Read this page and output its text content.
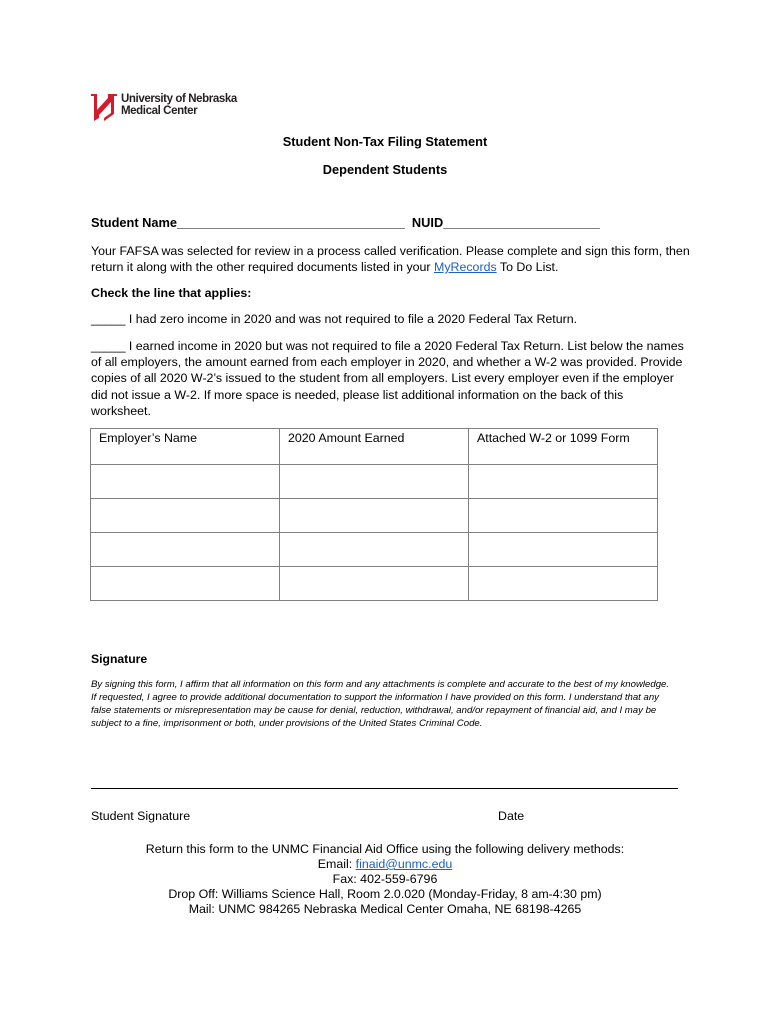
University of Nebraska
Medical Center
Student Non-Tax Filing Statement
Dependent Students
Student Name________________________________ NUID______________________
Your FAFSA was selected for review in a process called verification. Please complete and sign this form, then return it along with the other required documents listed in your MyRecords To Do List.
Check the line that applies:
_____ I had zero income in 2020 and was not required to file a 2020 Federal Tax Return.
_____ I earned income in 2020 but was not required to file a 2020 Federal Tax Return. List below the names of all employers, the amount earned from each employer in 2020, and whether a W-2 was provided. Provide copies of all 2020 W-2’s issued to the student from all employers. List every employer even if the employer did not issue a W-2. If more space is needed, please list additional information on the back of this worksheet.
Employer’s Name	2020 Amount Earned	Attached W-2 or 1099 Form

Signature
By signing this form, I affirm that all information on this form and any attachments is complete and accurate to the best of my knowledge. If requested, I agree to provide additional documentation to support the information I have provided on this form. I understand that any false statements or misrepresentation may be cause for denial, reduction, withdrawal, and/or repayment of financial aid, and I may be subject to a fine, imprisonment or both, under provisions of the United States Criminal Code.
Student Signature	Date
Return this form to the UNMC Financial Aid Office using the following delivery methods:
Email: finaid@unmc.edu
Fax: 402-559-6796
Drop Off: Williams Science Hall, Room 2.0.020 (Monday-Friday, 8 am-4:30 pm)
Mail: UNMC 984265 Nebraska Medical Center Omaha, NE 68198-4265
